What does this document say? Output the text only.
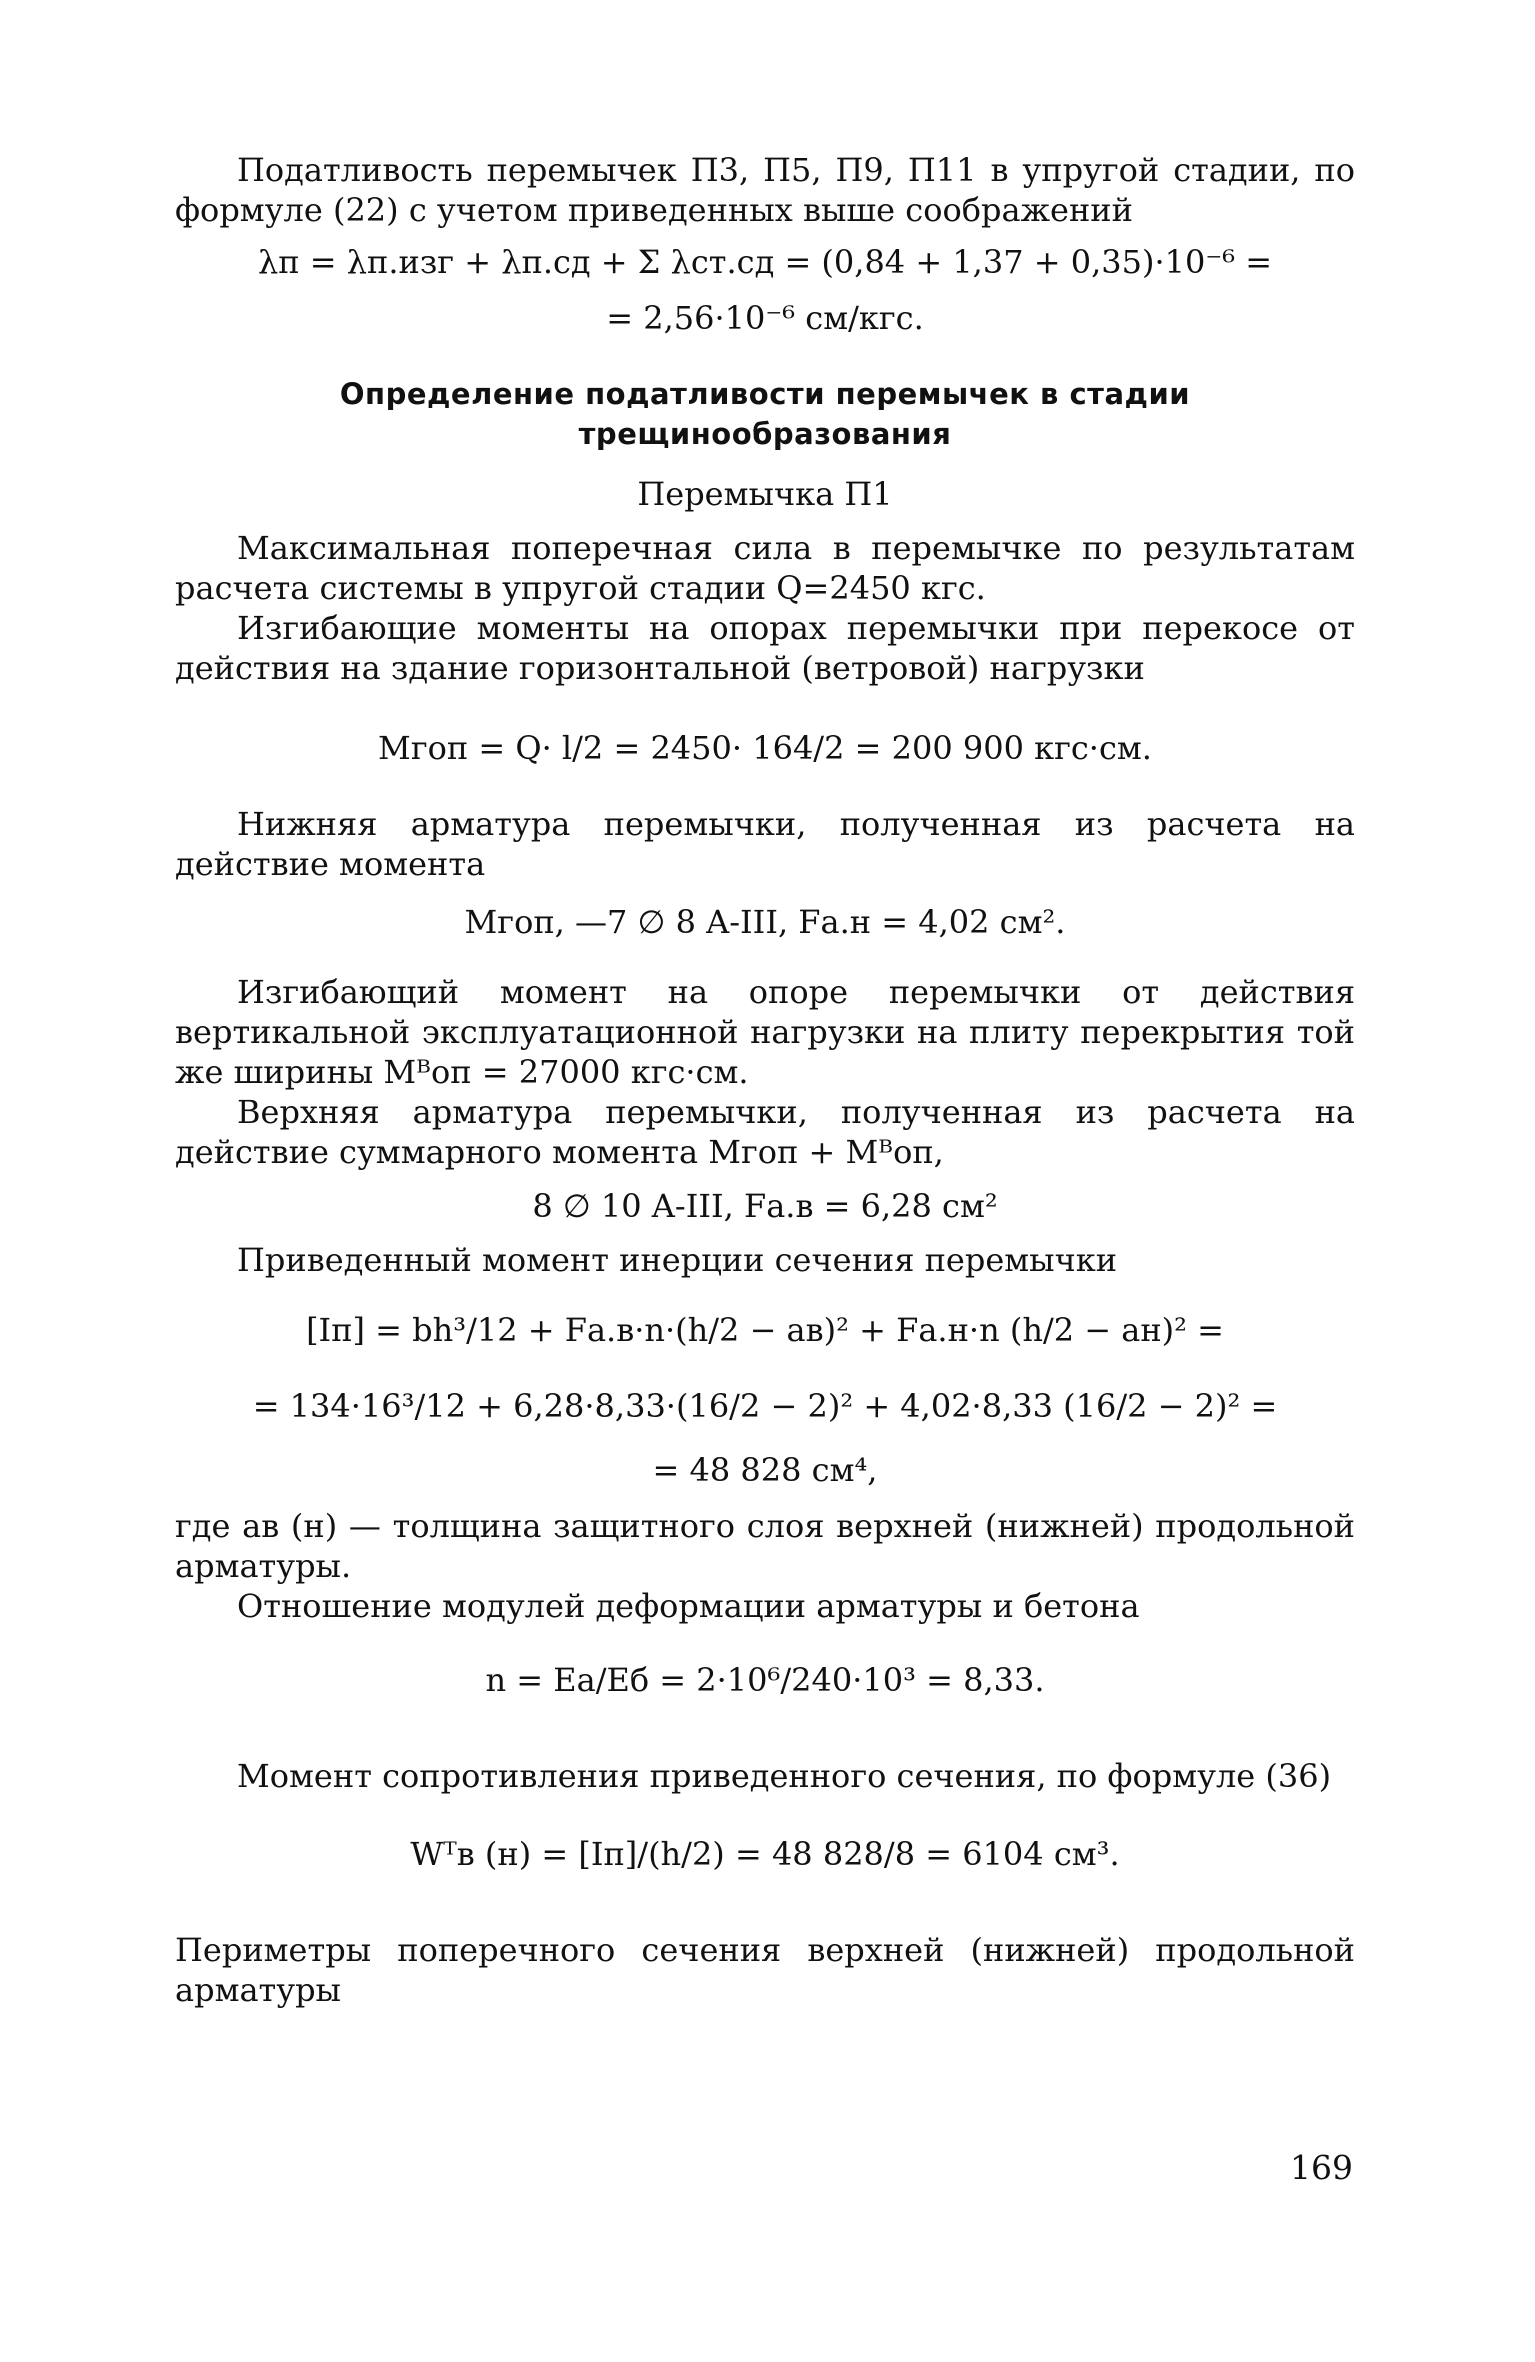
Податливость перемычек П3, П5, П9, П11 в упругой стадии, по формуле (22) с учетом приведенных выше соображений

λп = λп.изг + λп.сд + Σ λст.сд = (0,84 + 1,37 + 0,35)·10⁻⁶ =

= 2,56·10⁻⁶ см/кгс.

Определение податливости перемычек в стадии трещинообразования

Перемычка П1

Максимальная поперечная сила в перемычке по результатам расчета системы в упругой стадии Q=2450 кгс.

Изгибающие моменты на опорах перемычки при перекосе от действия на здание горизонтальной (ветровой) нагрузки

Mᴦоп = Q· l/2 = 2450· 164/2 = 200 900 кгс·см.

Нижняя арматура перемычки, полученная из расчета на действие момента

Mᴦоп, —7 ∅ 8 A-III, Fа.н = 4,02 см².

Изгибающий момент на опоре перемычки от действия вертикальной эксплуатационной нагрузки на плиту перекрытия той же ширины Mᴮоп = 27000 кгс·см.

Верхняя арматура перемычки, полученная из расчета на действие суммарного момента Mᴦоп + Mᴮоп,

8 ∅ 10 A-III, Fа.в = 6,28 см²

Приведенный момент инерции сечения перемычки

[Iп] = bh³/12 + Fа.в·n·(h/2 − aв)² + Fа.н·n (h/2 − aн)² =

= 134·16³/12 + 6,28·8,33·(16/2 − 2)² + 4,02·8,33 (16/2 − 2)² =

= 48 828 см⁴,

где aв (н) — толщина защитного слоя верхней (нижней) продольной арматуры.

Отношение модулей деформации арматуры и бетона

n = Eа/Eб = 2·10⁶/240·10³ = 8,33.

Момент сопротивления приведенного сечения, по формуле (36)

Wᵀв (н) = [Iп]/(h/2) = 48 828/8 = 6104 см³.

Периметры поперечного сечения верхней (нижней) продольной арматуры

169
